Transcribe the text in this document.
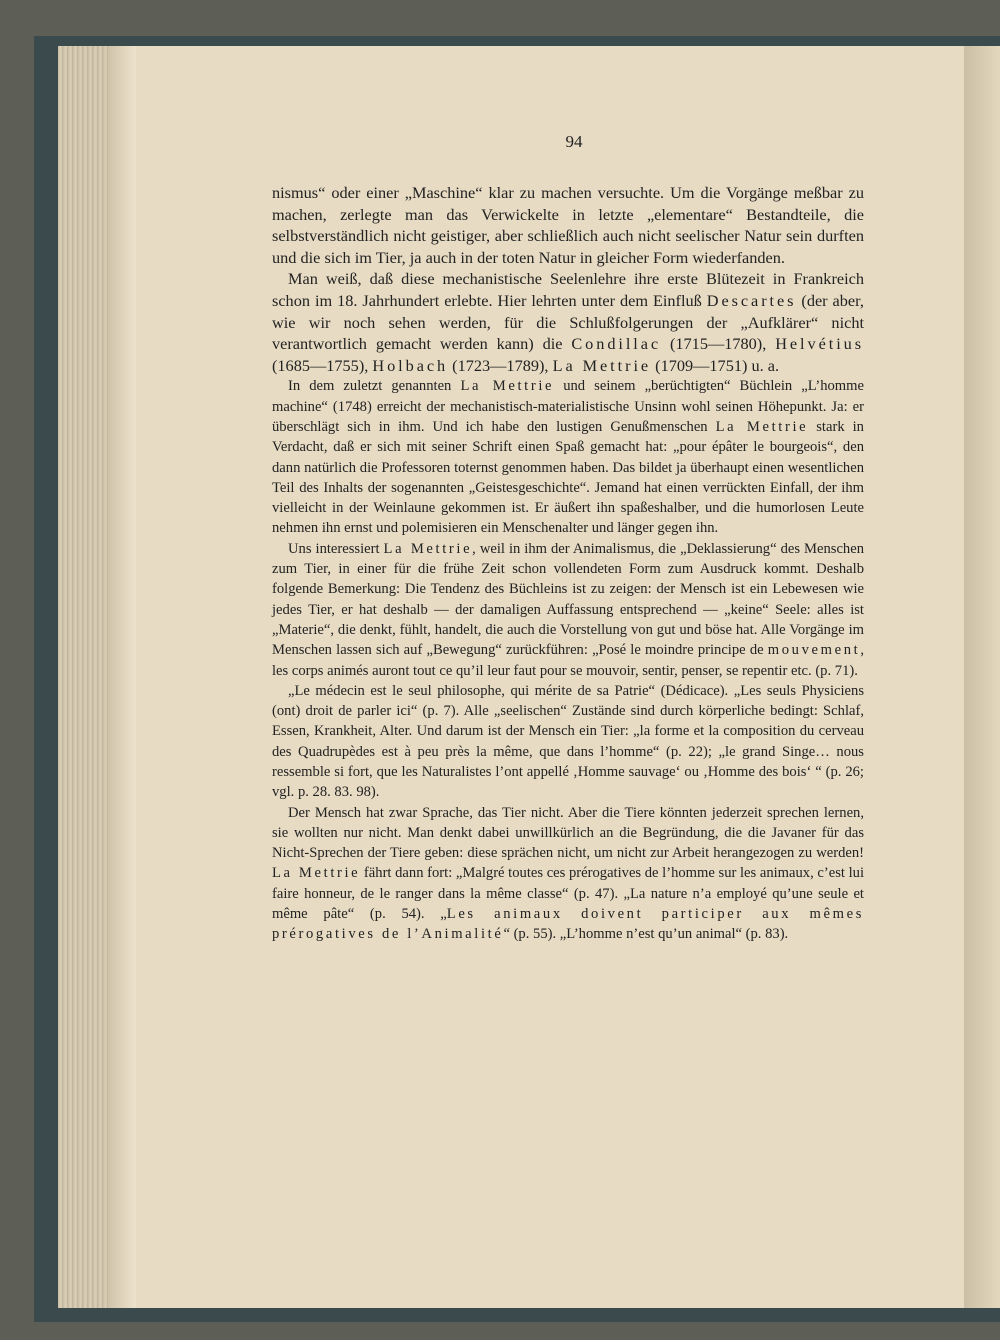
94

nismus“ oder einer „Maschine“ klar zu machen versuchte. Um die Vorgänge meßbar zu machen, zerlegte man das Verwickelte in letzte „elementare“ Bestandteile, die selbstverständlich nicht geistiger, aber schließlich auch nicht seelischer Natur sein durften und die sich im Tier, ja auch in der toten Natur in gleicher Form wiederfanden.

Man weiß, daß diese mechanistische Seelenlehre ihre erste Blütezeit in Frankreich schon im 18. Jahrhundert erlebte. Hier lehrten unter dem Einfluß Descartes (der aber, wie wir noch sehen werden, für die Schlußfolgerungen der „Aufklärer“ nicht verantwortlich gemacht werden kann) die Condillac (1715—1780), Helvétius (1685—1755), Holbach (1723—1789), La Mettrie (1709—1751) u. a.

In dem zuletzt genannten La Mettrie und seinem „berüchtigten“ Büchlein „L’homme machine“ (1748) erreicht der mechanistisch-materialistische Unsinn wohl seinen Höhepunkt. Ja: er überschlägt sich in ihm. Und ich habe den lustigen Genußmenschen La Mettrie stark in Verdacht, daß er sich mit seiner Schrift einen Spaß gemacht hat: „pour épâter le bourgeois“, den dann natürlich die Professoren toternst genommen haben. Das bildet ja überhaupt einen wesentlichen Teil des Inhalts der sogenannten „Geistesgeschichte“. Jemand hat einen verrückten Einfall, der ihm vielleicht in der Weinlaune gekommen ist. Er äußert ihn spaßeshalber, und die humorlosen Leute nehmen ihn ernst und polemisieren ein Menschenalter und länger gegen ihn.

Uns interessiert La Mettrie, weil in ihm der Animalismus, die „Deklassierung“ des Menschen zum Tier, in einer für die frühe Zeit schon vollendeten Form zum Ausdruck kommt. Deshalb folgende Bemerkung: Die Tendenz des Büchleins ist zu zeigen: der Mensch ist ein Lebewesen wie jedes Tier, er hat deshalb — der damaligen Auffassung entsprechend — „keine“ Seele: alles ist „Materie“, die denkt, fühlt, handelt, die auch die Vorstellung von gut und böse hat. Alle Vorgänge im Menschen lassen sich auf „Bewegung“ zurückführen: „Posé le moindre principe de mouvement, les corps animés auront tout ce qu’il leur faut pour se mouvoir, sentir, penser, se repentir etc. (p. 71).

„Le médecin est le seul philosophe, qui mérite de sa Patrie“ (Dédicace). „Les seuls Physiciens (ont) droit de parler ici“ (p. 7). Alle „seelischen“ Zustände sind durch körperliche bedingt: Schlaf, Essen, Krankheit, Alter. Und darum ist der Mensch ein Tier: „la forme et la composition du cerveau des Quadrupèdes est à peu près la même, que dans l’homme“ (p. 22); „le grand Singe… nous ressemble si fort, que les Naturalistes l’ont appellé ‚Homme sauvage‘ ou ‚Homme des bois‘ “ (p. 26; vgl. p. 28. 83. 98).

Der Mensch hat zwar Sprache, das Tier nicht. Aber die Tiere könnten jederzeit sprechen lernen, sie wollten nur nicht. Man denkt dabei unwillkürlich an die Begründung, die die Javaner für das Nicht-Sprechen der Tiere geben: diese sprächen nicht, um nicht zur Arbeit herangezogen zu werden! La Mettrie fährt dann fort: „Malgré toutes ces prérogatives de l’homme sur les animaux, c’est lui faire honneur, de le ranger dans la même classe“ (p. 47). „La nature n’a employé qu’une seule et même pâte“ (p. 54). „Les animaux doivent participer aux mêmes prérogatives de l’Animalité“ (p. 55). „L’homme n’est qu’un animal“ (p. 83).
